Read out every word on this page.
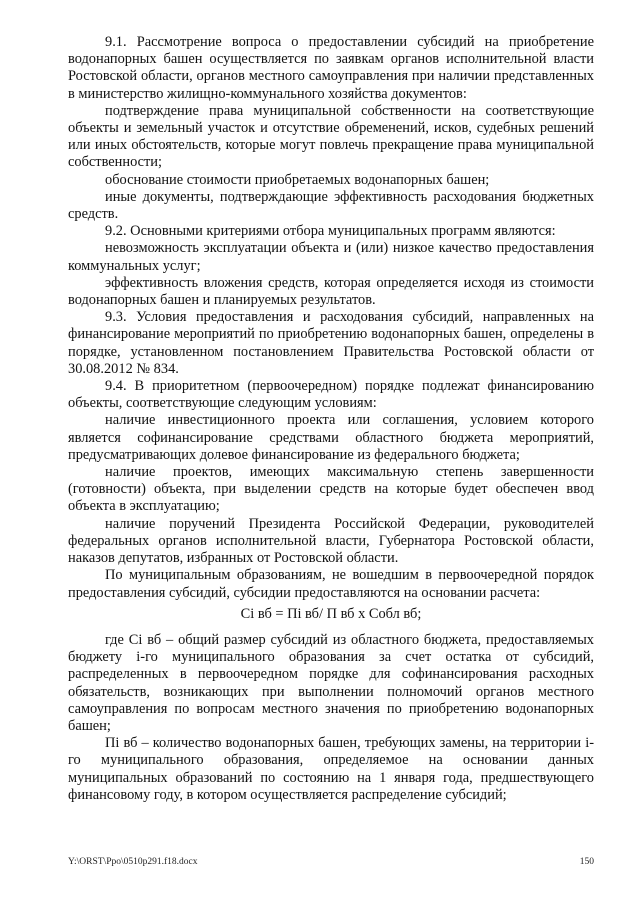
9.1. Рассмотрение вопроса о предоставлении субсидий на приобретение водонапорных башен осуществляется по заявкам органов исполнительной власти Ростовской области, органов местного самоуправления при наличии представленных в министерство жилищно-коммунального хозяйства документов:

подтверждение права муниципальной собственности на соответствующие объекты и земельный участок и отсутствие обременений, исков, судебных решений или иных обстоятельств, которые могут повлечь прекращение права муниципальной собственности;

обоснование стоимости приобретаемых водонапорных башен;

иные документы, подтверждающие эффективность расходования бюджетных средств.

9.2. Основными критериями отбора муниципальных программ являются:

невозможность эксплуатации объекта и (или) низкое качество предоставления коммунальных услуг;

эффективность вложения средств, которая определяется исходя из стоимости водонапорных башен и планируемых результатов.

9.3. Условия предоставления и расходования субсидий, направленных на финансирование мероприятий по приобретению водонапорных башен, определены в порядке, установленном постановлением Правительства Ростовской области от 30.08.2012 № 834.

9.4. В приоритетном (первоочередном) порядке подлежат финансированию объекты, соответствующие следующим условиям:

наличие инвестиционного проекта или соглашения, условием которого является софинансирование средствами областного бюджета мероприятий, предусматривающих долевое финансирование из федерального бюджета;

наличие проектов, имеющих максимальную степень завершенности (готовности) объекта, при выделении средств на которые будет обеспечен ввод объекта в эксплуатацию;

наличие поручений Президента Российской Федерации, руководителей федеральных органов исполнительной власти, Губернатора Ростовской области, наказов депутатов, избранных от Ростовской области.

По муниципальным образованиям, не вошедшим в первоочередной порядок предоставления субсидий, субсидии предоставляются на основании расчета:

Ci вб = Пi вб/ П вб х Cобл вб;

где Ci вб – общий размер субсидий из областного бюджета, предоставляемых бюджету i-го муниципального образования за счет остатка от субсидий, распределенных в первоочередном порядке для софинансирования расходных обязательств, возникающих при выполнении полномочий органов местного самоуправления по вопросам местного значения по приобретению водонапорных башен;

Пi вб – количество водонапорных башен, требующих замены, на территории i-го муниципального образования, определяемое на основании данных муниципальных образований по состоянию на 1 января года, предшествующего финансовому году, в котором осуществляется распределение субсидий;

Y:\ORST\Ppo\0510p291.f18.docx	150
